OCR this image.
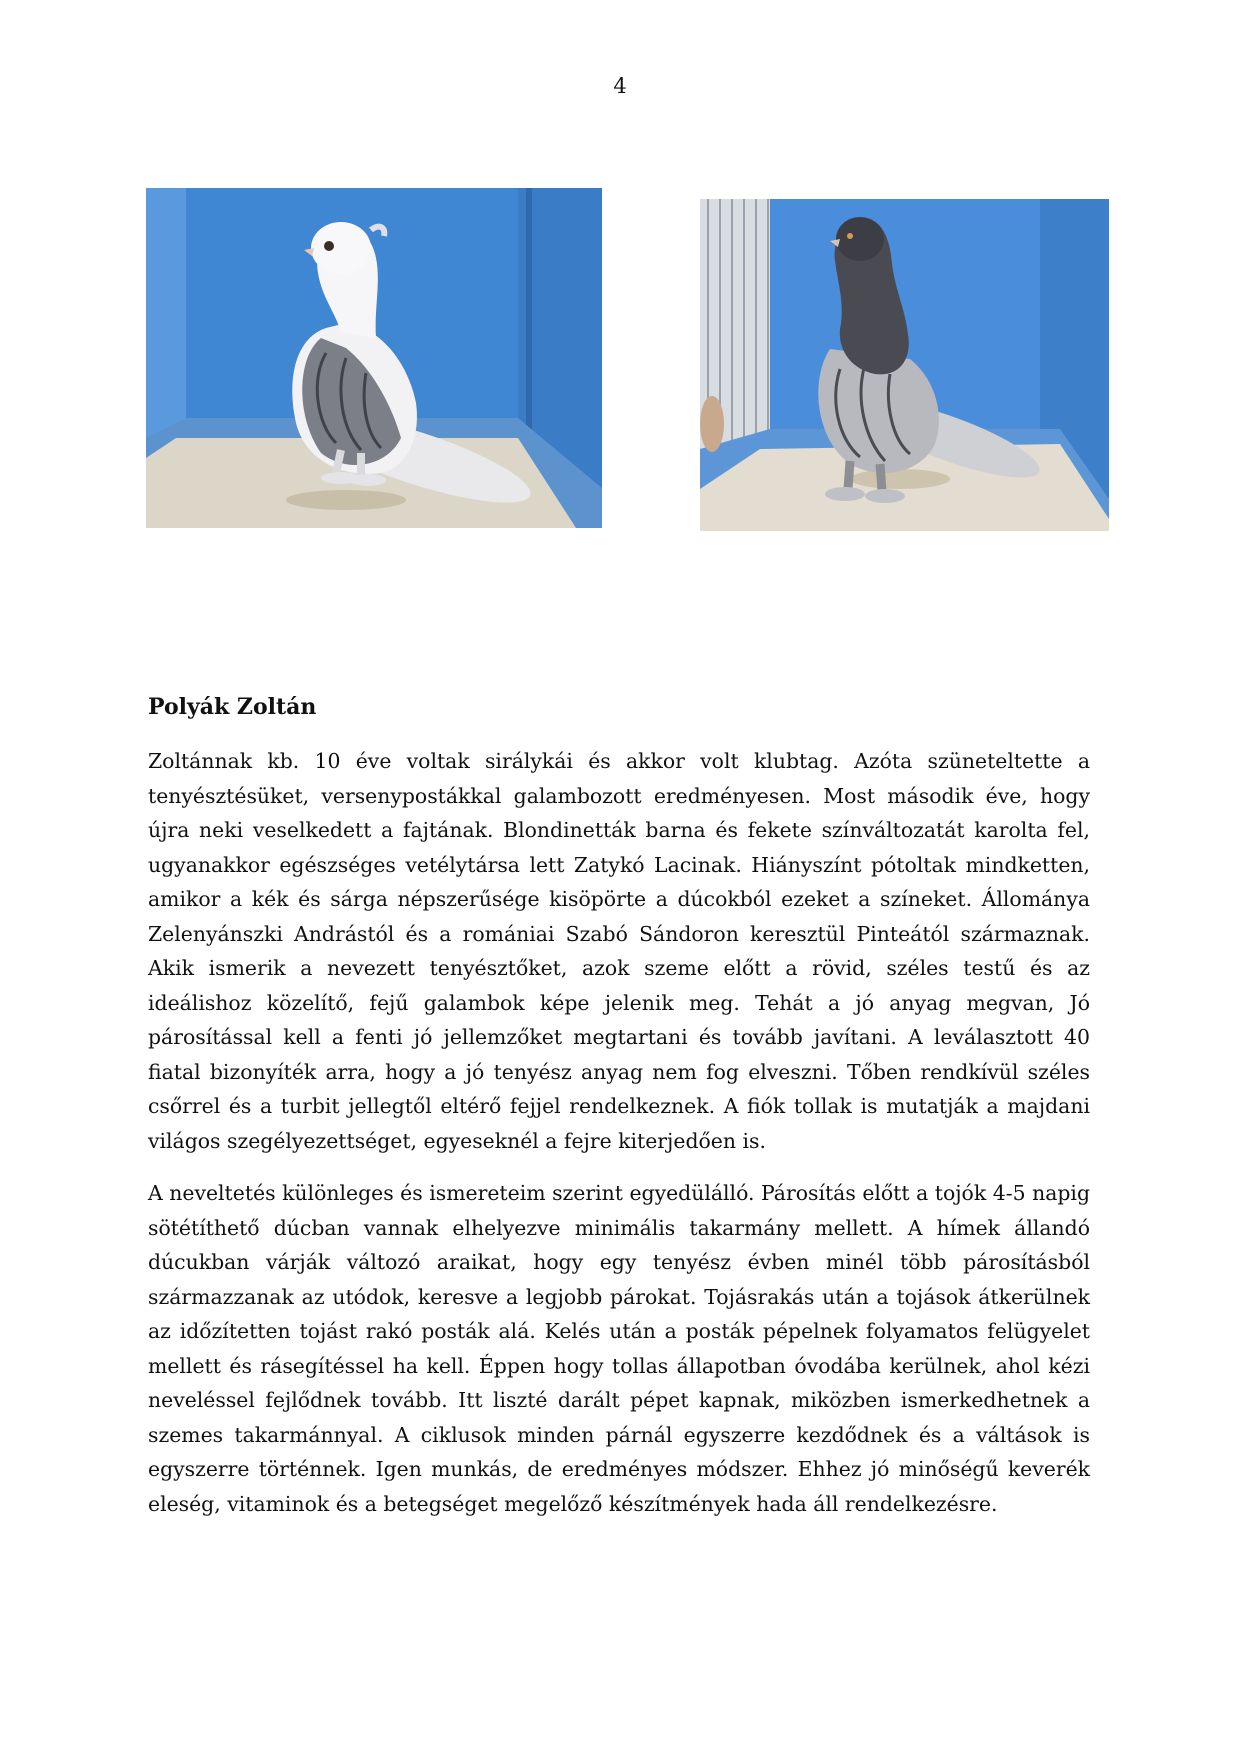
4
Polyák Zoltán

Zoltánnak kb. 10 éve voltak sirálykái és akkor volt klubtag. Azóta szüneteltette a tenyésztésüket, versenypostákkal galambozott eredményesen. Most második éve, hogy újra neki veselkedett a fajtának. Blondinetták barna és fekete színváltozatát karolta fel, ugyanakkor egészséges vetélytársa lett Zatykó Lacinak. Hiányszínt pótoltak mindketten, amikor a kék és sárga népszerűsége kisöpörte a dúcokból ezeket a színeket. Állománya Zelenyánszki Andrástól és a romániai Szabó Sándoron keresztül Pinteától származnak. Akik ismerik a nevezett tenyésztőket, azok szeme előtt a rövid, széles testű és az ideálishoz közelítő, fejű galambok képe jelenik meg. Tehát a jó anyag megvan, Jó párosítással kell a fenti jó jellemzőket megtartani és tovább javítani. A leválasztott 40 fiatal bizonyíték arra, hogy a jó tenyész anyag nem fog elveszni. Tőben rendkívül széles csőrrel és a turbit jellegtől eltérő fejjel rendelkeznek. A fiók tollak is mutatják a majdani világos szegélyezettséget, egyeseknél a fejre kiterjedően is.

A neveltetés különleges és ismereteim szerint egyedülálló. Párosítás előtt a tojók 4-5 napig sötétíthető dúcban vannak elhelyezve minimális takarmány mellett. A hímek állandó dúcukban várják változó araikat, hogy egy tenyész évben minél több párosításból származzanak az utódok, keresve a legjobb párokat. Tojásrakás után a tojások átkerülnek az időzítetten tojást rakó posták alá. Kelés után a posták pépelnek folyamatos felügyelet mellett és rásegítéssel ha kell. Éppen hogy tollas állapotban óvodába kerülnek, ahol kézi neveléssel fejlődnek tovább. Itt liszté darált pépet kapnak, miközben ismerkedhetnek a szemes takarmánnyal. A ciklusok minden párnál egyszerre kezdődnek és a váltások is egyszerre történnek. Igen munkás, de eredményes módszer. Ehhez jó minőségű keverék eleség, vitaminok és a betegséget megelőző készítmények hada áll rendelkezésre.
